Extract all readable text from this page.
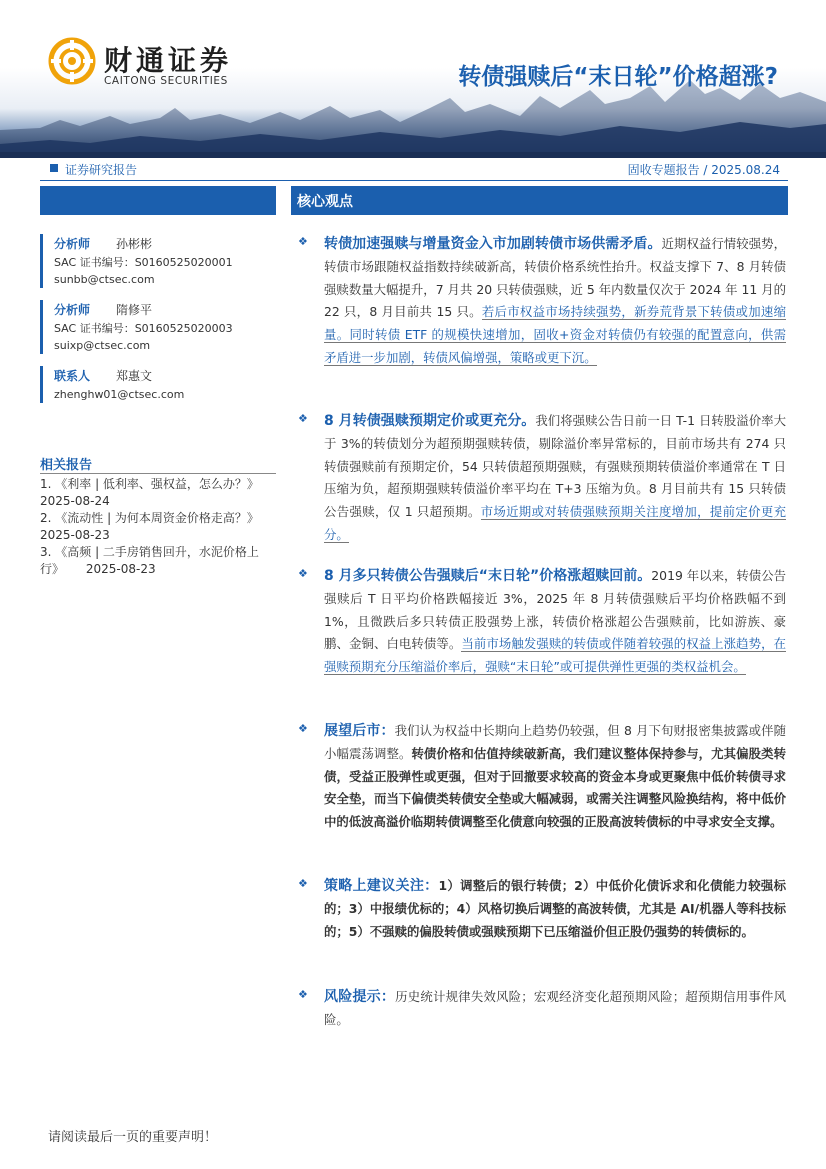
财通证券
CAITONG SECURITIES	转债强赎后“末日轮”价格超涨?
证券研究报告	固收专题报告 / 2025.08.24
分析师 孙彬彬
SAC 证书编号：S0160525020001
sunbb@ctsec.com
分析师 隋修平
SAC 证书编号：S0160525020003
suixp@ctsec.com
联系人 郑惠文
zhenghw01@ctsec.com
相关报告
1. 《利率 | 低利率、强权益，怎么办？》
2025-08-24
2. 《流动性 | 为何本周资金价格走高？》
2025-08-23
3. 《高频 | 二手房销售回升，水泥价格上行》 2025-08-23
核心观点
❖ 转债加速强赎与增量资金入市加剧转债市场供需矛盾。近期权益行情较强势，转债市场跟随权益指数持续破新高，转债价格系统性抬升。权益支撑下 7、8 月转债强赎数量大幅提升，7 月共 20 只转债强赎，近 5 年内数量仅次于 2024 年 11 月的 22 只，8 月目前共 15 只。若后市权益市场持续强势，新券荒背景下转债或加速缩量。同时转债 ETF 的规模快速增加，固收+资金对转债仍有较强的配置意向，供需矛盾进一步加剧，转债风偏增强，策略或更下沉。
❖ 8 月转债强赎预期定价或更充分。我们将强赎公告日前一日 T-1 日转股溢价率大于 3%的转债划分为超预期强赎转债，剔除溢价率异常标的，目前市场共有 274 只转债强赎前有预期定价，54 只转债超预期强赎，有强赎预期转债溢价率通常在 T 日压缩为负，超预期强赎转债溢价率平均在 T+3 压缩为负。8 月目前共有 15 只转债公告强赎，仅 1 只超预期。市场近期或对转债强赎预期关注度增加，提前定价更充分。
❖ 8 月多只转债公告强赎后“末日轮”价格涨超赎回前。2019 年以来，转债公告强赎后 T 日平均价格跌幅接近 3%，2025 年 8 月转债强赎后平均价格跌幅不到 1%，且微跌后多只转债正股强势上涨，转债价格涨超公告强赎前，比如游族、豪鹏、金铜、白电转债等。当前市场触发强赎的转债或伴随着较强的权益上涨趋势，在强赎预期充分压缩溢价率后，强赎“末日轮”或可提供弹性更强的类权益机会。
❖ 展望后市：我们认为权益中长期向上趋势仍较强，但 8 月下旬财报密集披露或伴随小幅震荡调整。转债价格和估值持续破新高，我们建议整体保持参与，尤其偏股类转债，受益正股弹性或更强，但对于回撤要求较高的资金本身或更聚焦中低价转债寻求安全垫，而当下偏债类转债安全垫或大幅减弱，或需关注调整风险换结构，将中低价中的低波高溢价临期转债调整至化债意向较强的正股高波转债标的中寻求安全支撑。
❖ 策略上建议关注：1）调整后的银行转债；2）中低价化债诉求和化债能力较强标的；3）中报绩优标的；4）风格切换后调整的高波转债，尤其是 AI/机器人等科技标的；5）不强赎的偏股转债或强赎预期下已压缩溢价但正股仍强势的转债标的。
❖ 风险提示：历史统计规律失效风险；宏观经济变化超预期风险；超预期信用事件风险。
请阅读最后一页的重要声明！
